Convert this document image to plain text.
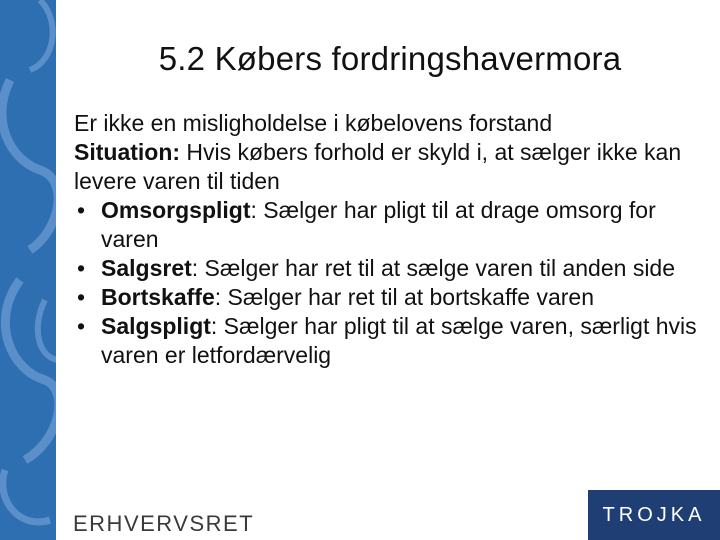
5.2 Købers fordringshavermora

Er ikke en misligholdelse i købelovens forstand

Situation: Hvis købers forhold er skyld i, at sælger ikke kan levere varen til tiden

• Omsorgspligt: Sælger har pligt til at drage omsorg for varen
• Salgsret: Sælger har ret til at sælge varen til anden side
• Bortskaffe: Sælger har ret til at bortskaffe varen
• Salgspligt: Sælger har pligt til at sælge varen, særligt hvis varen er letfordærvelig
ERHVERVSRET	TROJKA
